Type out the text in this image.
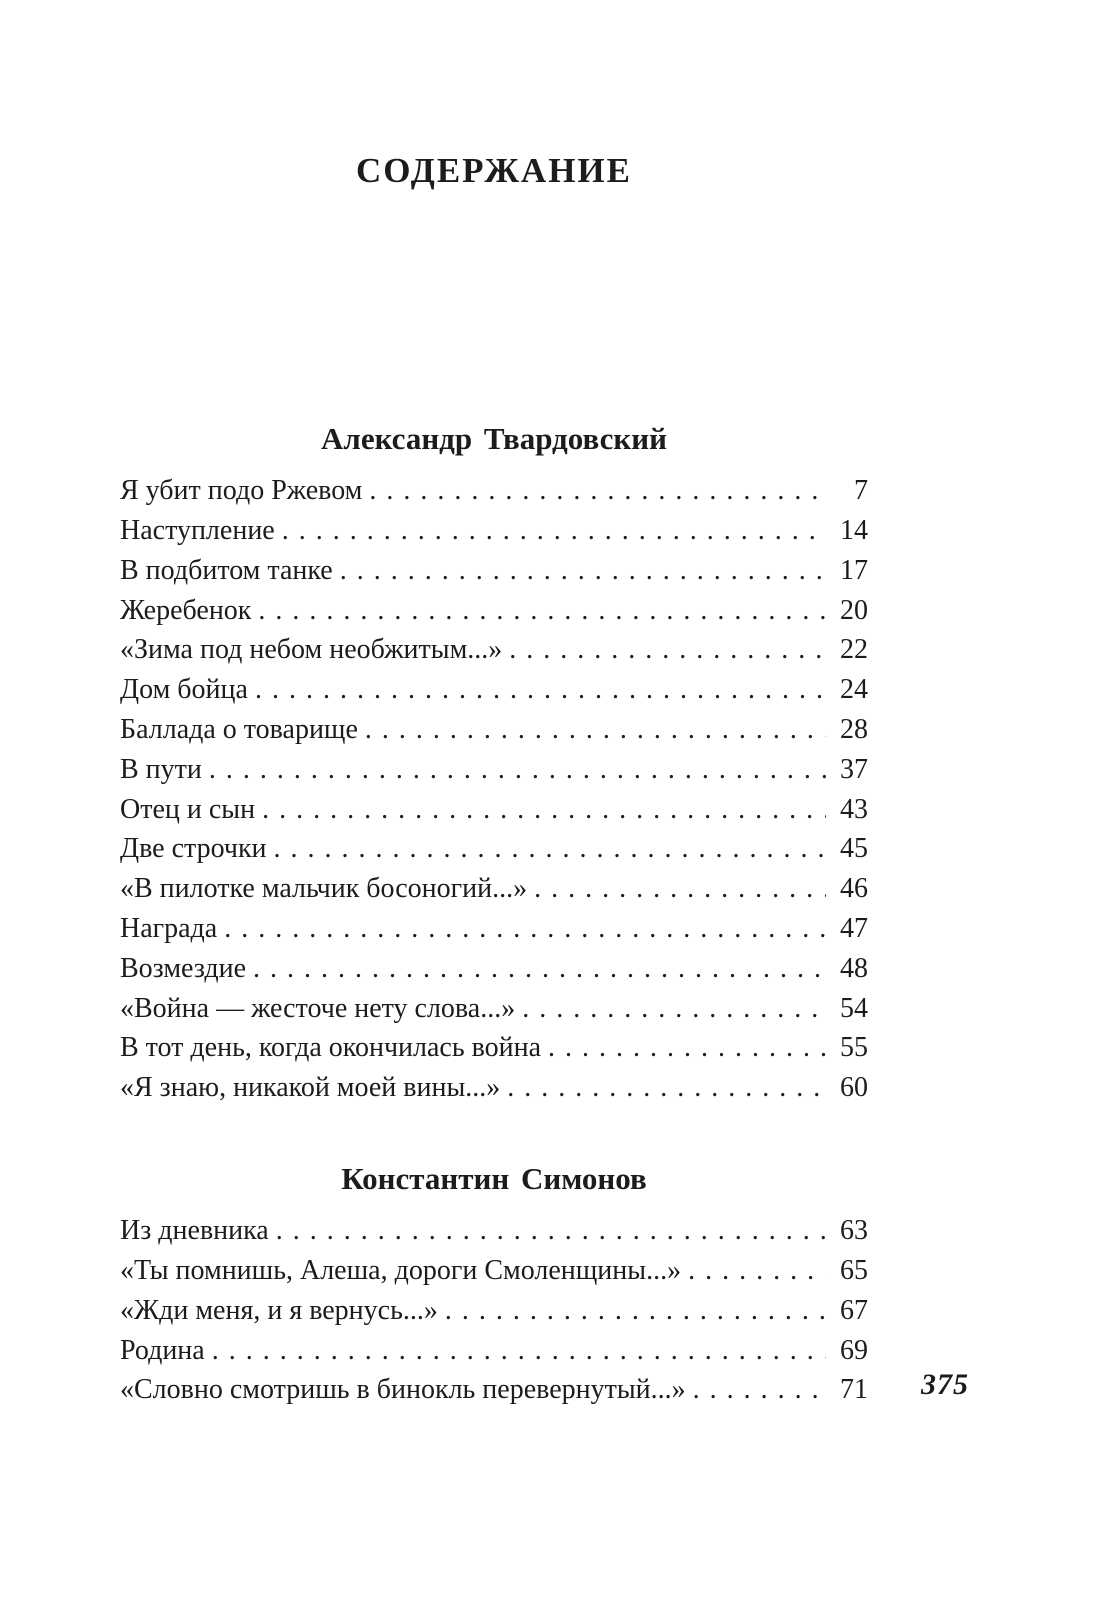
СОДЕРЖАНИЕ
Александр Твардовский
Я убит подо Ржевом . . .	7
Наступление . . .	14
В подбитом танке . . .	17
Жеребенок . . .	20
«Зима под небом необжитым...» . . .	22
Дом бойца . . .	24
Баллада о товарище . . .	28
В пути . . .	37
Отец и сын . . .	43
Две строчки . . .	45
«В пилотке мальчик босоногий...» . . .	46
Награда . . .	47
Возмездие . . .	48
«Война — жесточе нету слова...» . . .	54
В тот день, когда окончилась война . . .	55
«Я знаю, никакой моей вины...» . . .	60
Константин Симонов
Из дневника . . .	63
«Ты помнишь, Алеша, дороги Смоленщины...» . . .	65
«Жди меня, и я вернусь...» . . .	67
Родина . . .	69
«Словно смотришь в бинокль перевернутый...» . . .	71	375
